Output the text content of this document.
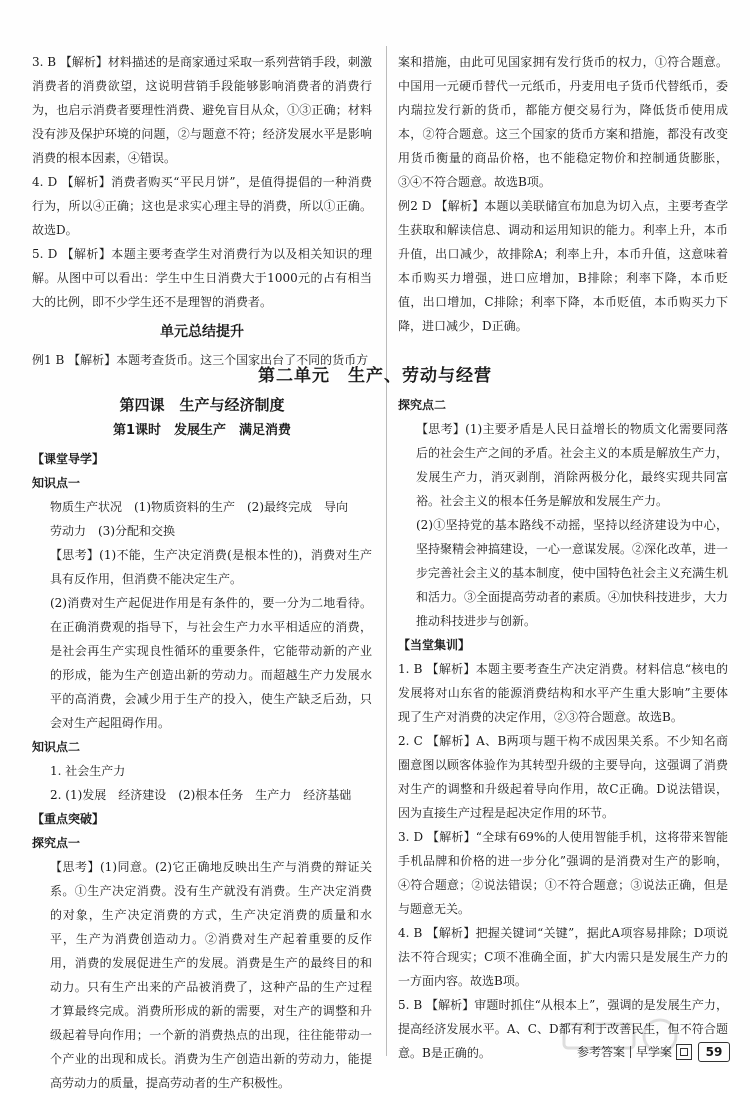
3. B 【解析】材料描述的是商家通过采取一系列营销手段，刺激消费者的消费欲望，这说明营销手段能够影响消费者的消费行为，也启示消费者要理性消费、避免盲目从众，①③正确；材料没有涉及保护环境的问题，②与题意不符；经济发展水平是影响消费的根本因素，④错误。

4. D 【解析】消费者购买“平民月饼”，是值得提倡的一种消费行为，所以④正确；这也是求实心理主导的消费，所以①正确。故选D。

5. D 【解析】本题主要考查学生对消费行为以及相关知识的理解。从图中可以看出：学生中生日消费大于1000元的占有相当大的比例，即不少学生还不是理智的消费者。

单元总结提升

例1 B 【解析】本题考查货币。这三个国家出台了不同的货币方

案和措施，由此可见国家拥有发行货币的权力，①符合题意。中国用一元硬币替代一元纸币，丹麦用电子货币代替纸币，委内瑞拉发行新的货币，都能方便交易行为，降低货币使用成本，②符合题意。这三个国家的货币方案和措施，都没有改变用货币衡量的商品价格，也不能稳定物价和控制通货膨胀，③④不符合题意。故选B项。

例2 D 【解析】本题以美联储宣布加息为切入点，主要考查学生获取和解读信息、调动和运用知识的能力。利率上升，本币升值，出口减少，故排除A；利率上升，本币升值，这意味着本币购买力增强，进口应增加，B排除；利率下降，本币贬值，出口增加，C排除；利率下降，本币贬值，本币购买力下降，进口减少，D正确。

第二单元　生产、劳动与经营
第四课　生产与经济制度
第1课时　发展生产　满足消费
【课堂导学】
知识点一

物质生产状况　(1)物质资料的生产　(2)最终完成　导向

劳动力　(3)分配和交换

【思考】(1)不能，生产决定消费(是根本性的)，消费对生产具有反作用，但消费不能决定生产。

(2)消费对生产起促进作用是有条件的，要一分为二地看待。在正确消费观的指导下，与社会生产力水平相适应的消费，是社会再生产实现良性循环的重要条件，它能带动新的产业的形成，能为生产创造出新的劳动力。而超越生产力发展水平的高消费，会减少用于生产的投入，使生产缺乏后劲，只会对生产起阻碍作用。

知识点二

1. 社会生产力

2. (1)发展　经济建设　(2)根本任务　生产力　经济基础

【重点突破】
探究点一

【思考】(1)同意。(2)它正确地反映出生产与消费的辩证关系。①生产决定消费。没有生产就没有消费。生产决定消费的对象，生产决定消费的方式，生产决定消费的质量和水平，生产为消费创造动力。②消费对生产起着重要的反作用，消费的发展促进生产的发展。消费是生产的最终目的和动力。只有生产出来的产品被消费了，这种产品的生产过程才算最终完成。消费所形成的新的需要，对生产的调整和升级起着导向作用；一个新的消费热点的出现，往往能带动一个产业的出现和成长。消费为生产创造出新的劳动力，能提高劳动力的质量，提高劳动者的生产积极性。

探究点二

【思考】(1)主要矛盾是人民日益增长的物质文化需要同落后的社会生产之间的矛盾。社会主义的本质是解放生产力，发展生产力，消灭剥削，消除两极分化，最终实现共同富裕。社会主义的根本任务是解放和发展生产力。

(2)①坚持党的基本路线不动摇，坚持以经济建设为中心，坚持聚精会神搞建设，一心一意谋发展。②深化改革，进一步完善社会主义的基本制度，使中国特色社会主义充满生机和活力。③全面提高劳动者的素质。④加快科技进步，大力推动科技进步与创新。

【当堂集训】

1. B 【解析】本题主要考查生产决定消费。材料信息“核电的发展将对山东省的能源消费结构和水平产生重大影响”主要体现了生产对消费的决定作用，②③符合题意。故选B。

2. C 【解析】A、B两项与题干构不成因果关系。不少知名商圈意图以顾客体验作为其转型升级的主要导向，这强调了消费对生产的调整和升级起着导向作用，故C正确。D说法错误，因为直接生产过程是起决定作用的环节。

3. D 【解析】“全球有69%的人使用智能手机，这将带来智能手机品牌和价格的进一步分化”强调的是消费对生产的影响，④符合题意；②说法错误；①不符合题意；③说法正确，但是与题意无关。

4. B 【解析】把握关键词“关键”，据此A项容易排除；D项说法不符合现实；C项不准确全面，扩大内需只是发展生产力的一方面内容。故选B项。

5. B 【解析】审题时抓住“从根本上”，强调的是发展生产力，提高经济发展水平。A、C、D都有利于改善民生，但不符合题意。B是正确的。	参考答案 早学案	59
